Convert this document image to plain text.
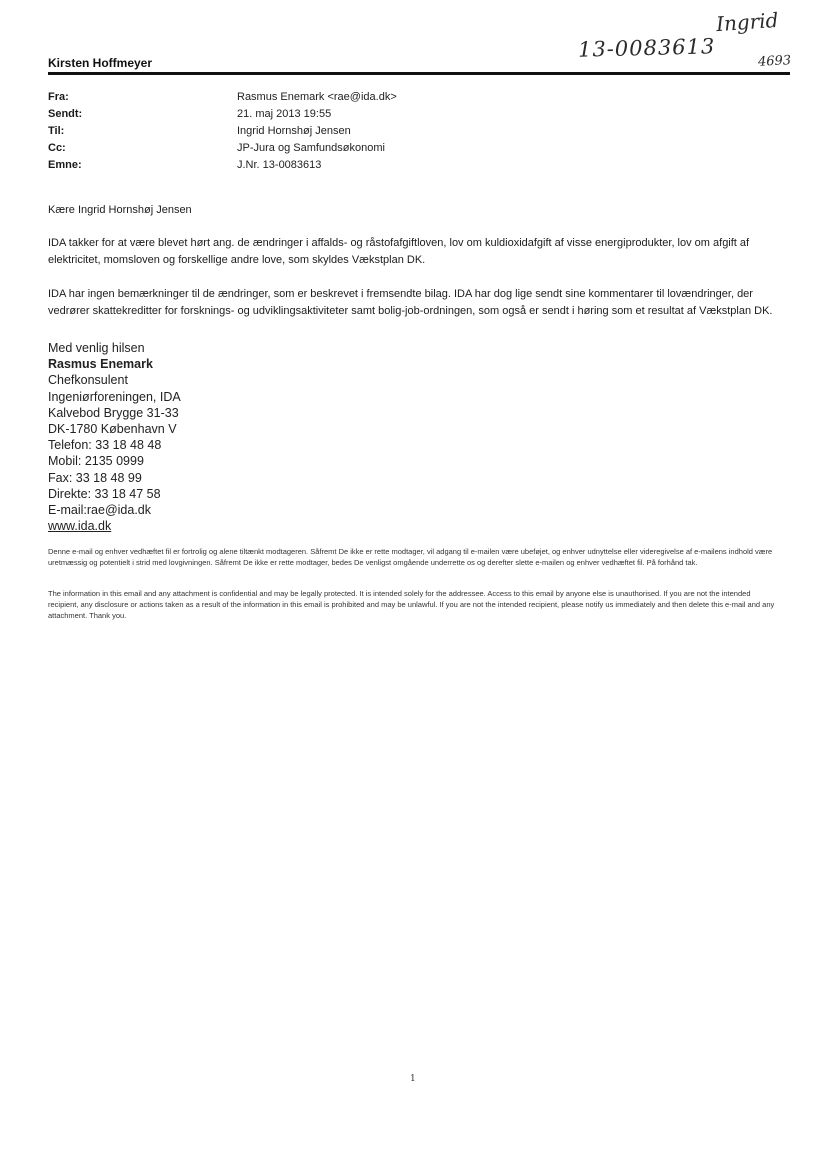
Ingrid
13-0083613	4693
Kirsten Hoffmeyer
Fra:	Rasmus Enemark <rae@ida.dk>
Sendt:	21. maj 2013 19:55
Til:	Ingrid Hornshøj Jensen
Cc:	JP-Jura og Samfundsøkonomi
Emne:	J.Nr. 13-0083613
Kære Ingrid Hornshøj Jensen
IDA takker for at være blevet hørt ang. de ændringer i affalds- og råstofafgiftloven, lov om kuldioxidafgift af visse energiprodukter, lov om afgift af elektricitet, momsloven og forskellige andre love, som skyldes Vækstplan DK.
IDA har ingen bemærkninger til de ændringer, som er beskrevet i fremsendte bilag. IDA har dog lige sendt sine kommentarer til lovændringer, der vedrører skattekreditter for forsknings- og udviklingsaktiviteter samt bolig-job-ordningen, som også er sendt i høring som et resultat af Vækstplan DK.
Med venlig hilsen
Rasmus Enemark
Chefkonsulent
Ingeniørforeningen, IDA
Kalvebod Brygge 31-33
DK-1780 København V
Telefon: 33 18 48 48
Mobil: 2135 0999
Fax: 33 18 48 99
Direkte: 33 18 47 58
E-mail:rae@ida.dk
www.ida.dk
Denne e-mail og enhver vedhæftet fil er fortrolig og alene tiltænkt modtageren. Såfremt De ikke er rette modtager, vil adgang til e-mailen være ubeføjet, og enhver udnyttelse eller videregivelse af e-mailens indhold være uretmæssig og potentielt i strid med lovgivningen. Såfremt De ikke er rette modtager, bedes De venligst omgående underrette os og derefter slette e-mailen og enhver vedhæftet fil. På forhånd tak.
The information in this email and any attachment is confidential and may be legally protected. It is intended solely for the addressee. Access to this email by anyone else is unauthorised. If you are not the intended recipient, any disclosure or actions taken as a result of the information in this email is prohibited and may be unlawful. If you are not the intended recipient, please notify us immediately and then delete this e-mail and any attachment. Thank you.
1
